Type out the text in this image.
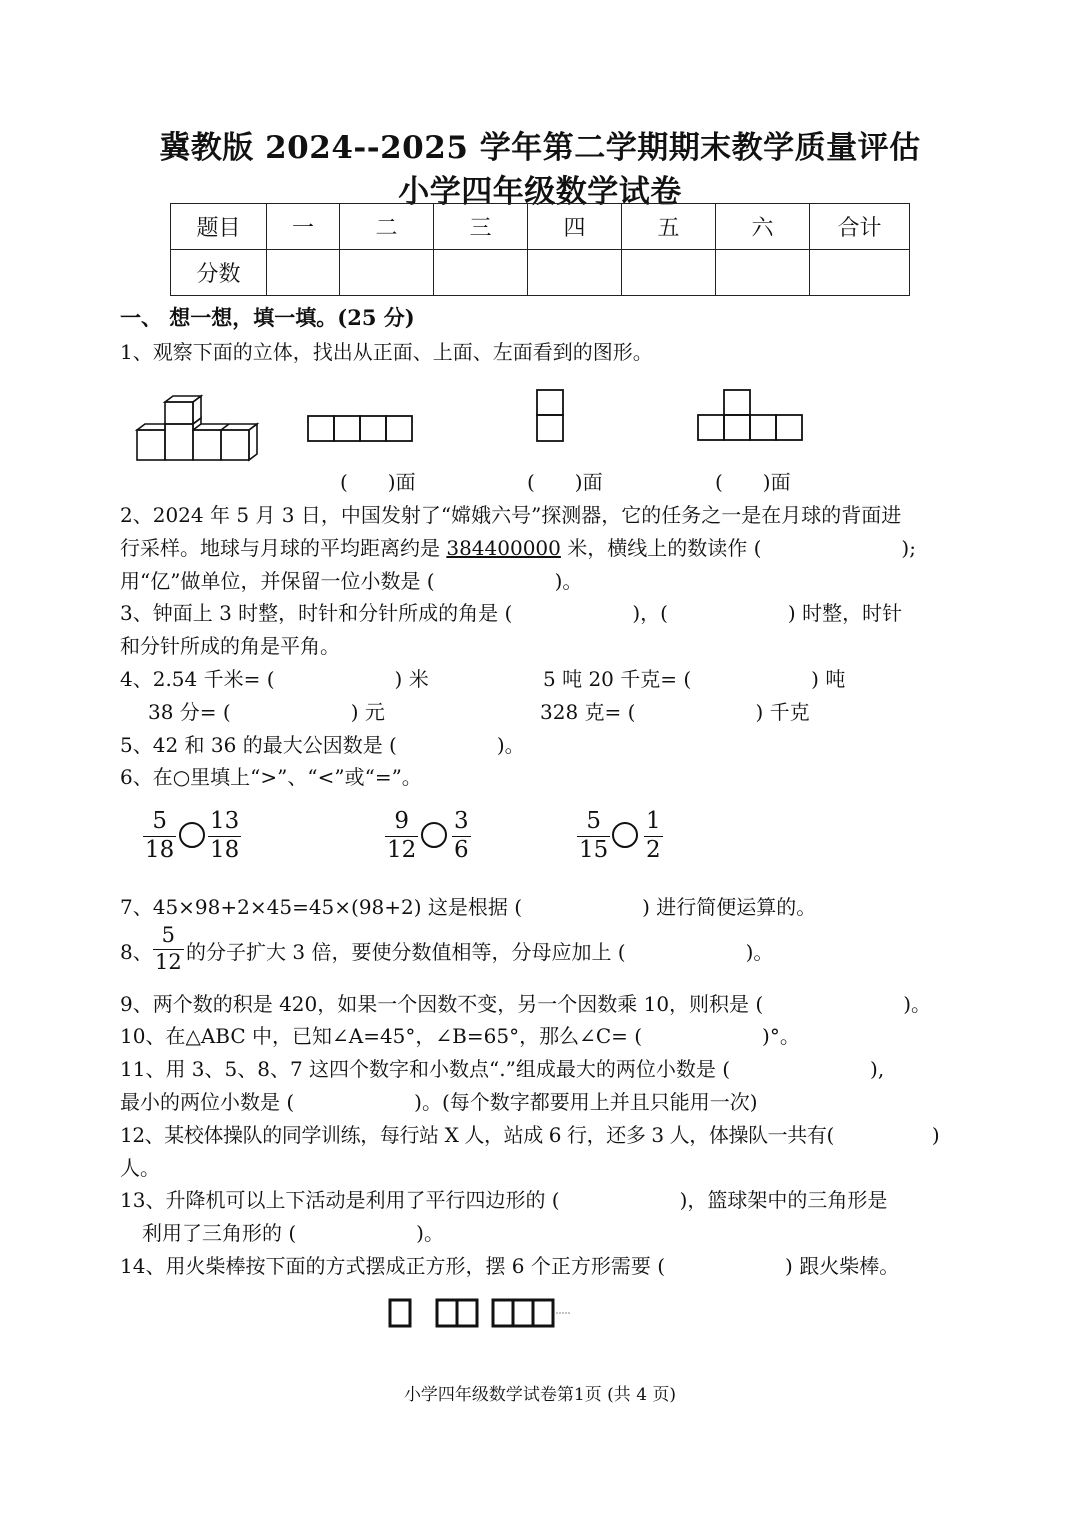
冀教版 2024--2025 学年第二学期期末教学质量评估
小学四年级数学试卷
题目	一	二	三	四	五	六	合计
分数							
一、 想一想，填一填。(25 分)
1、观察下面的立体，找出从正面、上面、左面看到的图形。
(　　)面	(　　)面	(　　)面
2、2024 年 5 月 3 日，中国发射了“嫦娥六号”探测器，它的任务之一是在月球的背面进
行采样。地球与月球的平均距离约是 384400000 米，横线上的数读作 (　　　　　　　);
用“亿”做单位，并保留一位小数是 (　　　　　　)。
3、钟面上 3 时整，时针和分针所成的角是 (　　　　　　)，(　　　　　　) 时整，时针
和分针所成的角是平角。
4、2.54 千米= (　　　　　　) 米	5 吨 20 千克= (　　　　　　) 吨
38 分= (　　　　　　) 元	328 克= (　　　　　　) 千克
5、42 和 36 的最大公因数是 (　　　　　)。
6、在○里填上“>”、“<”或“=”。
5
18
13
18
9
12
3
6
5
15
1
2
7、45×98+2×45=45×(98+2) 这是根据 (　　　　　　) 进行简便运算的。
8、
5
12 的分子扩大 3 倍，要使分数值相等，分母应加上 (　　　　　　)。
9、两个数的积是 420，如果一个因数不变，另一个因数乘 10，则积是 (　　　　　　　)。
10、在△ABC 中，已知∠A=45°，∠B=65°，那么∠C= (　　　　　　)°。
11、用 3、5、8、7 这四个数字和小数点“.”组成最大的两位小数是 (　　　　　　　),
最小的两位小数是 (　　　　　　)。(每个数字都要用上并且只能用一次)
12、某校体操队的同学训练，每行站 X 人，站成 6 行，还多 3 人，体操队一共有(　　　　　)
人。
13、升降机可以上下活动是利用了平行四边形的 (　　　　　　)，篮球架中的三角形是
利用了三角形的 (　　　　　　)。
14、用火柴棒按下面的方式摆成正方形，摆 6 个正方形需要 (　　　　　　) 跟火柴棒。
小学四年级数学试卷第1页 (共 4 页)
